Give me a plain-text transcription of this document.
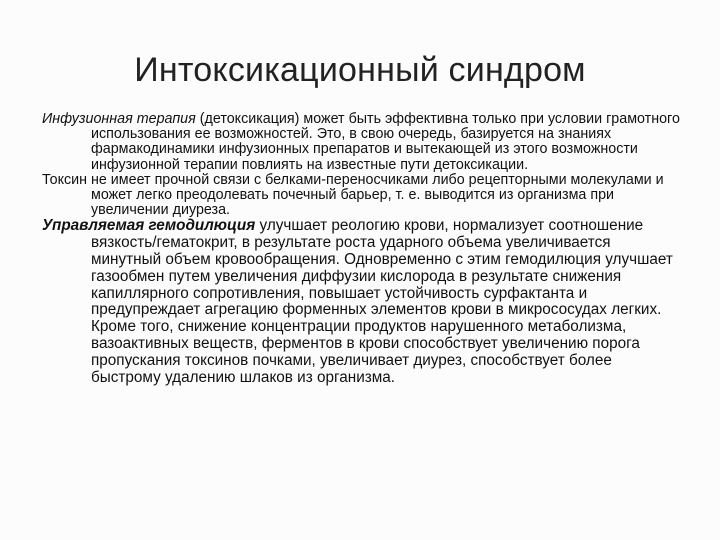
Интоксикационный синдром

Инфузионная терапия (детоксикация) может быть эффективна только при условии грамотного использования ее возможностей. Это, в свою очередь, базируется на знаниях фармакодинамики инфузионных препаратов и вытекающей из этого возможности инфузионной терапии повлиять на известные пути детоксикации.

Токсин не имеет прочной связи с белками-переносчиками либо рецепторными молекулами и может легко преодолевать почечный барьер, т. е. выводится из организма при увеличении диуреза.

Управляемая гемодилюция улучшает реологию крови, нормализует соотношение вязкость/гематокрит, в результате роста ударного объема увеличивается минутный объем кровообращения. Одновременно с этим гемодилюция улучшает газообмен путем увеличения диффузии кислорода в результате снижения капиллярного сопротивления, повышает устойчивость сурфактанта и предупреждает агрегацию форменных элементов крови в микрососудах легких. Кроме того, снижение концентрации продуктов нарушенного метаболизма, вазоактивных веществ, ферментов в крови способствует увеличению порога пропускания токсинов почками, увеличивает диурез, способствует более быстрому удалению шлаков из организма.
